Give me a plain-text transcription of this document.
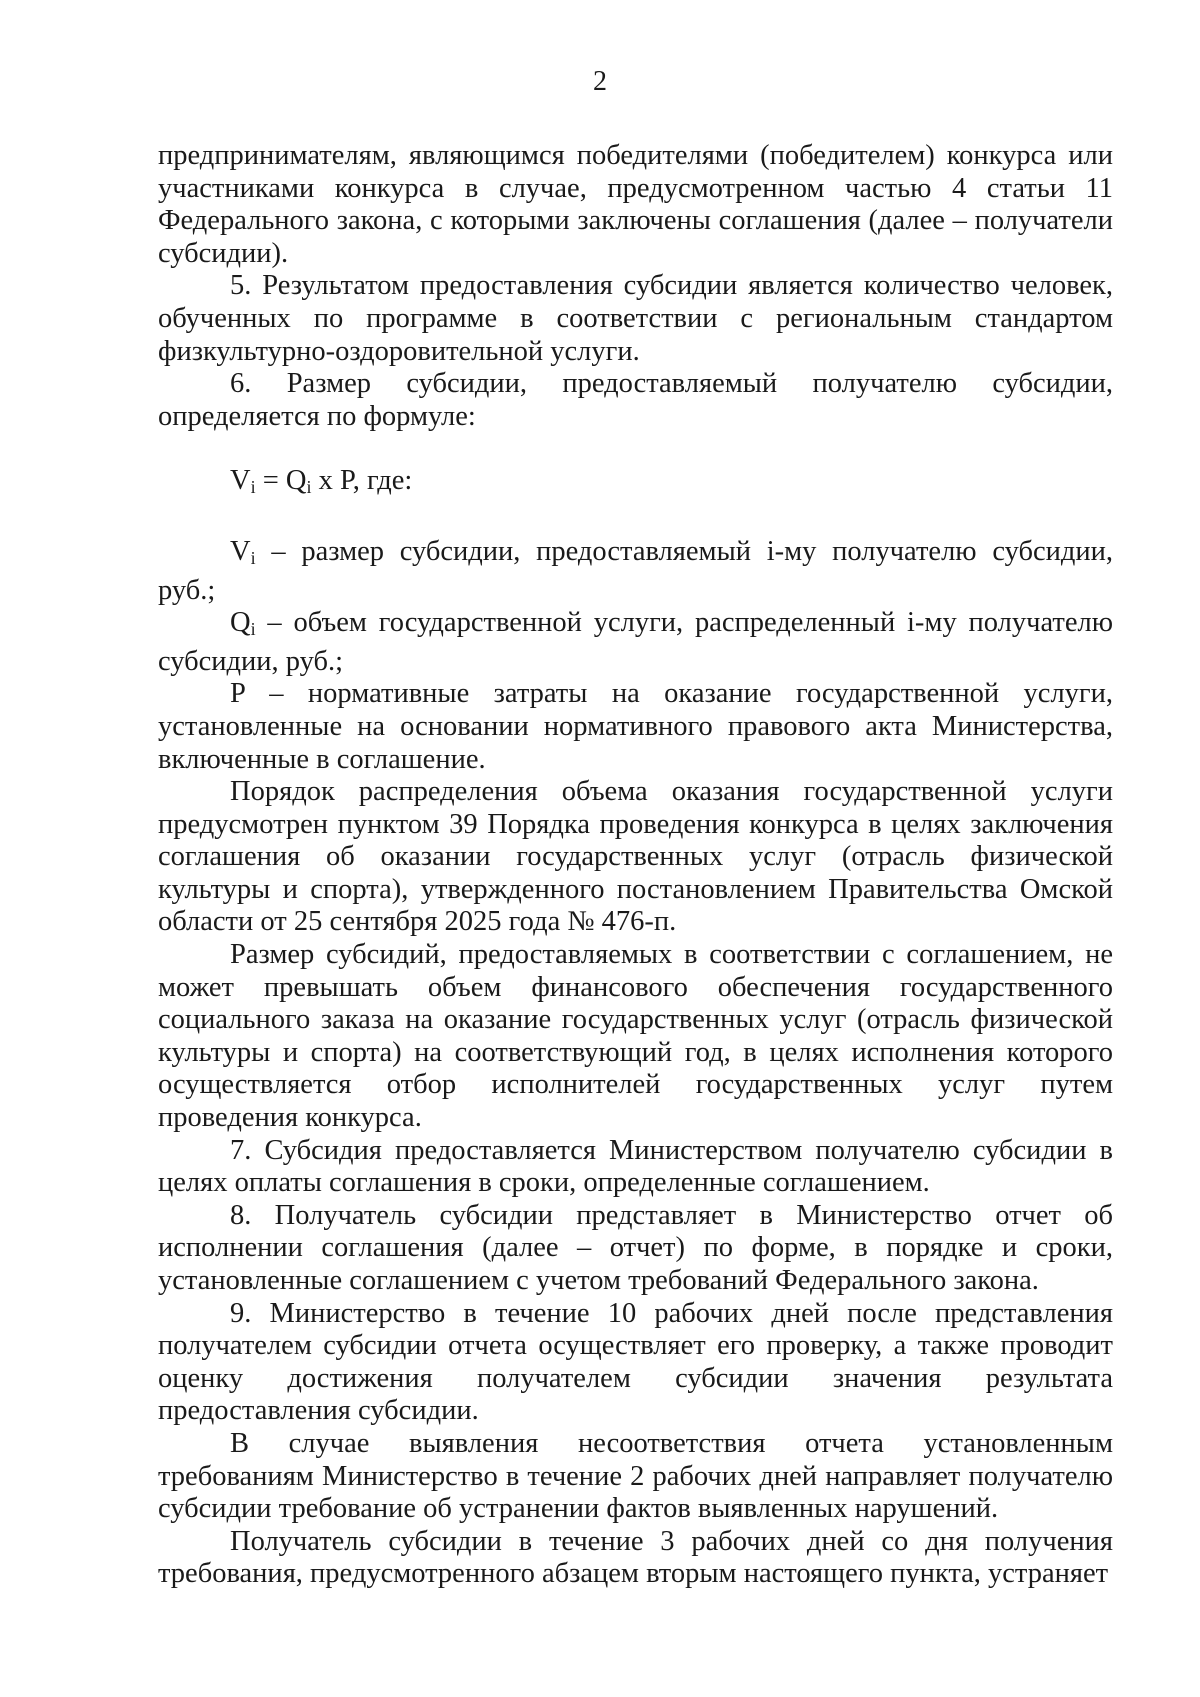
2

предпринимателям, являющимся победителями (победителем) конкурса или участниками конкурса в случае, предусмотренном частью 4 статьи 11 Федерального закона, с которыми заключены соглашения (далее – получатели субсидии).

5. Результатом предоставления субсидии является количество человек, обученных по программе в соответствии с региональным стандартом физкультурно-оздоровительной услуги.

6. Размер субсидии, предоставляемый получателю субсидии, определяется по формуле:

$V_i = Q_i$ x P, где:

$V_i$ – размер субсидии, предоставляемый i-му получателю субсидии, руб.;

$Q_i$ – объем государственной услуги, распределенный i-му получателю субсидии, руб.;

P – нормативные затраты на оказание государственной услуги, установленные на основании нормативного правового акта Министерства, включенные в соглашение.

Порядок распределения объема оказания государственной услуги предусмотрен пунктом 39 Порядка проведения конкурса в целях заключения соглашения об оказании государственных услуг (отрасль физической культуры и спорта), утвержденного постановлением Правительства Омской области от 25 сентября 2025 года № 476-п.

Размер субсидий, предоставляемых в соответствии с соглашением, не может превышать объем финансового обеспечения государственного социального заказа на оказание государственных услуг (отрасль физической культуры и спорта) на соответствующий год, в целях исполнения которого осуществляется отбор исполнителей государственных услуг путем проведения конкурса.

7. Субсидия предоставляется Министерством получателю субсидии в целях оплаты соглашения в сроки, определенные соглашением.

8. Получатель субсидии представляет в Министерство отчет об исполнении соглашения (далее – отчет) по форме, в порядке и сроки, установленные соглашением с учетом требований Федерального закона.

9. Министерство в течение 10 рабочих дней после представления получателем субсидии отчета осуществляет его проверку, а также проводит оценку достижения получателем субсидии значения результата предоставления субсидии.

В случае выявления несоответствия отчета установленным требованиям Министерство в течение 2 рабочих дней направляет получателю субсидии требование об устранении фактов выявленных нарушений.

Получатель субсидии в течение 3 рабочих дней со дня получения требования, предусмотренного абзацем вторым настоящего пункта, устраняет
